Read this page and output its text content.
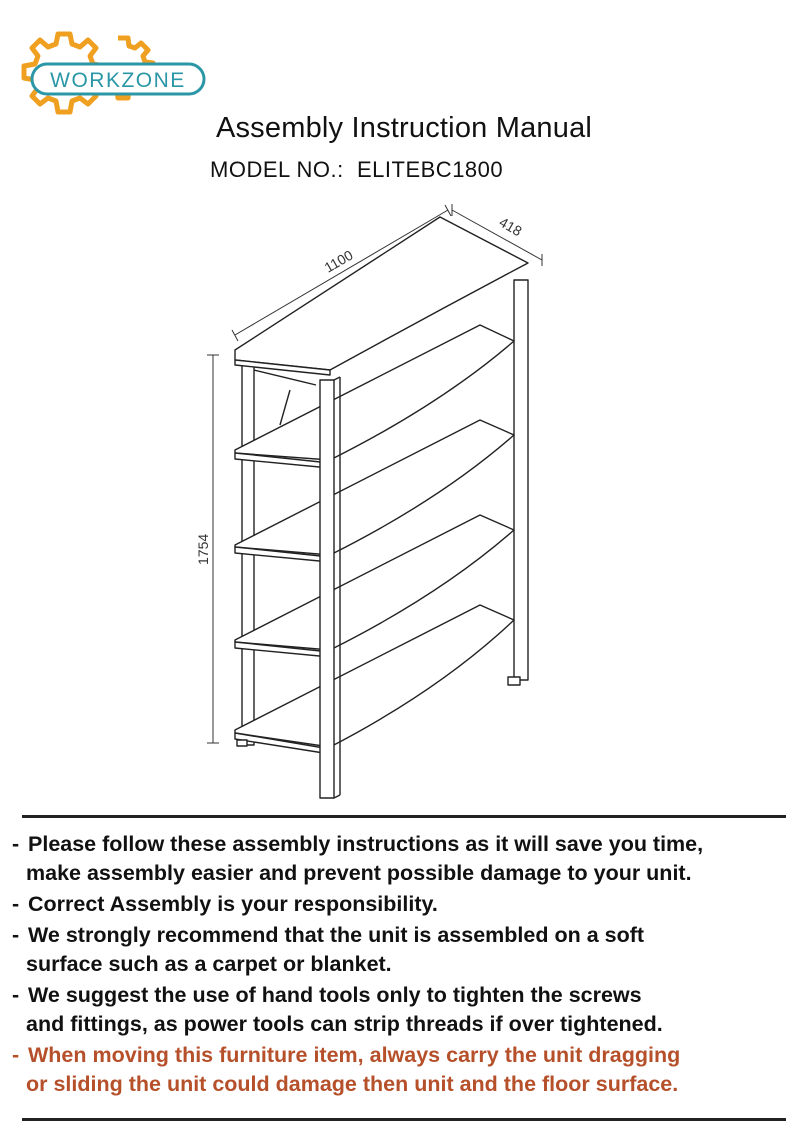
WORKZONE
Assembly Instruction Manual
MODEL NO.: ELITEBC1800
1100
418
1754
- Please follow these assembly instructions as it will save you time,
make assembly easier and prevent possible damage to your unit.
- Correct Assembly is your responsibility.
- We strongly recommend that the unit is assembled on a soft
surface such as a carpet or blanket.
- We suggest the use of hand tools only to tighten the screws
and fittings, as power tools can strip threads if over tightened.
- When moving this furniture item, always carry the unit dragging
or sliding the unit could damage then unit and the floor surface.
